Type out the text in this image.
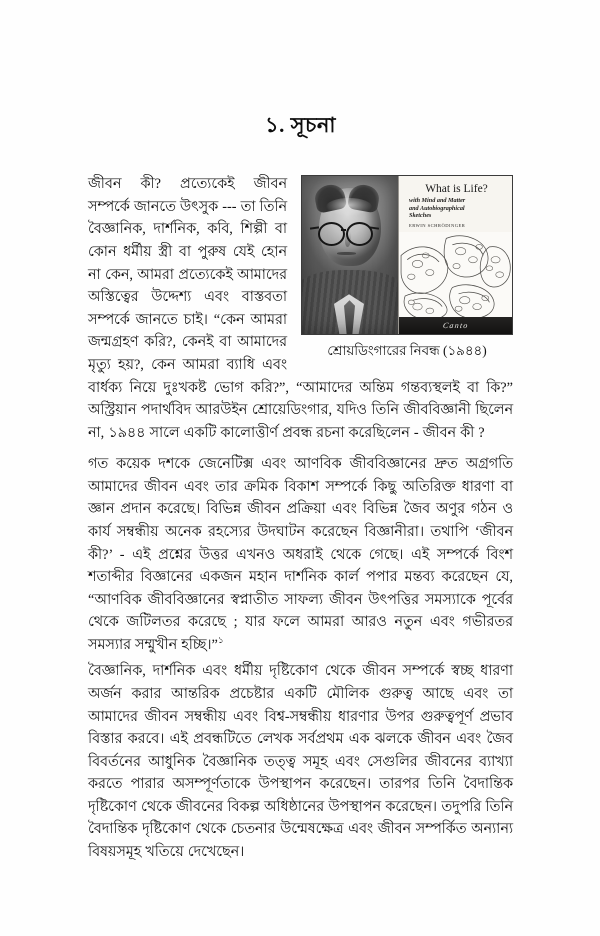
১. সূচনা
What is Life?
with Mind and Matter
and Autobiographical
Sketches
ERWIN SCHRÖDINGER
Canto
শ্রোয়ডিংগারের নিবন্ধ (১৯৪৪)

জীবন কী? প্রত্যেকেই জীবন সম্পর্কে জানতে উৎসুক --- তা তিনি বৈজ্ঞানিক, দার্শনিক, কবি, শিল্পী বা কোন ধর্মীয় স্ত্রী বা পুরুষ যেই হোন না কেন, আমরা প্রত্যেকেই আমাদের অস্তিত্বের উদ্দেশ্য এবং বাস্তবতা সম্পর্কে জানতে চাই। “কেন আমরা জন্মগ্রহণ করি?, কেনই বা আমাদের মৃত্যু হয়?, কেন আমরা ব্যাধি এবং বার্ধক্য নিয়ে দুঃখকষ্ট ভোগ করি?”, “আমাদের অন্তিম গন্তব্যস্থলই বা কি?” অস্ট্রিয়ান পদার্থবিদ আরউইন শ্রোয়েডিংগার, যদিও তিনি জীববিজ্ঞানী ছিলেন না, ১৯৪৪ সালে একটি কালোত্তীর্ণ প্রবন্ধ রচনা করেছিলেন - জীবন কী ?

গত কয়েক দশকে জেনেটিক্স এবং আণবিক জীববিজ্ঞানের দ্রুত অগ্রগতি আমাদের জীবন এবং তার ক্রমিক বিকাশ সম্পর্কে কিছু অতিরিক্ত ধারণা বা জ্ঞান প্রদান করেছে। বিভিন্ন জীবন প্রক্রিয়া এবং বিভিন্ন জৈব অণুর গঠন ও কার্য সম্বন্ধীয় অনেক রহস্যের উদঘাটন করেছেন বিজ্ঞানীরা। তথাপি ‘জীবন কী?’ - এই প্রশ্নের উত্তর এখনও অধরাই থেকে গেছে। এই সম্পর্কে বিংশ শতাব্দীর বিজ্ঞানের একজন মহান দার্শনিক কার্ল পপার মন্তব্য করেছেন যে, “আণবিক জীববিজ্ঞানের স্বপ্নাতীত সাফল্য জীবন উৎপত্তির সমস্যাকে পূর্বের থেকে জটিলতর করেছে ; যার ফলে আমরা আরও নতুন এবং গভীরতর সমস্যার সম্মুখীন হচ্ছি।”$^১$

বৈজ্ঞানিক, দার্শনিক এবং ধর্মীয় দৃষ্টিকোণ থেকে জীবন সম্পর্কে স্বচ্ছ ধারণা অর্জন করার আন্তরিক প্রচেষ্টার একটি মৌলিক গুরুত্ব আছে এবং তা আমাদের জীবন সম্বন্ধীয় এবং বিশ্ব-সম্বন্ধীয় ধারণার উপর গুরুত্বপূর্ণ প্রভাব বিস্তার করবে। এই প্রবন্ধটিতে লেখক সর্বপ্রথম এক ঝলকে জীবন এবং জৈব বিবর্তনের আধুনিক বৈজ্ঞানিক তত্ত্ব সমূহ এবং সেগুলির জীবনের ব্যাখ্যা করতে পারার অসম্পূর্ণতাকে উপস্থাপন করেছেন। তারপর তিনি বৈদান্তিক দৃষ্টিকোণ থেকে জীবনের বিকল্প অধিষ্ঠানের উপস্থাপন করেছেন। তদুপরি তিনি বৈদান্তিক দৃষ্টিকোণ থেকে চেতনার উন্মেষক্ষেত্র এবং জীবন সম্পর্কিত অন্যান্য বিষয়সমূহ খতিয়ে দেখেছেন।
